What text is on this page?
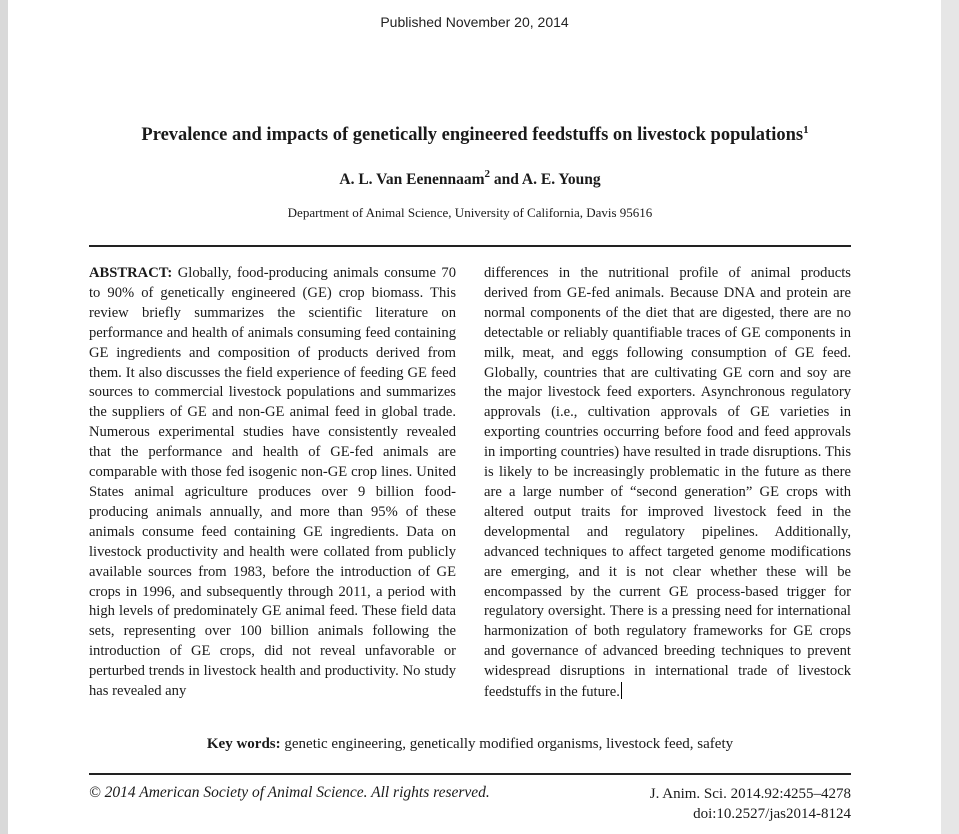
Published November 20, 2014
Prevalence and impacts of genetically engineered feedstuffs on livestock populations$^1$
A. L. Van Eenennaam$^2$ and A. E. Young
Department of Animal Science, University of California, Davis 95616
ABSTRACT: Globally, food-producing animals consume 70 to 90% of genetically engineered (GE) crop biomass. This review briefly summarizes the scientific literature on performance and health of animals consuming feed containing GE ingredients and composition of products derived from them. It also discusses the field experience of feeding GE feed sources to commercial livestock populations and summarizes the suppliers of GE and non-GE animal feed in global trade. Numerous experimental studies have consistently revealed that the performance and health of GE-fed animals are comparable with those fed isogenic non-GE crop lines. United States animal agriculture produces over 9 billion food-producing animals annually, and more than 95% of these animals consume feed containing GE ingredients. Data on livestock productivity and health were collated from publicly available sources from 1983, before the introduction of GE crops in 1996, and subsequently through 2011, a period with high levels of predominately GE animal feed. These field data sets, representing over 100 billion animals following the introduction of GE crops, did not reveal unfavorable or perturbed trends in livestock health and productivity. No study has revealed any
differences in the nutritional profile of animal products derived from GE-fed animals. Because DNA and protein are normal components of the diet that are digested, there are no detectable or reliably quantifiable traces of GE components in milk, meat, and eggs following consumption of GE feed. Globally, countries that are cultivating GE corn and soy are the major livestock feed exporters. Asynchronous regulatory approvals (i.e., cultivation approvals of GE varieties in exporting countries occurring before food and feed approvals in importing countries) have resulted in trade disruptions. This is likely to be increasingly problematic in the future as there are a large number of “second generation” GE crops with altered output traits for improved livestock feed in the developmental and regulatory pipelines. Additionally, advanced techniques to affect targeted genome modifications are emerging, and it is not clear whether these will be encompassed by the current GE process-based trigger for regulatory oversight. There is a pressing need for international harmonization of both regulatory frameworks for GE crops and governance of advanced breeding techniques to prevent widespread disruptions in international trade of livestock feedstuffs in the future.
Key words: genetic engineering, genetically modified organisms, livestock feed, safety
© 2014 American Society of Animal Science. All rights reserved.	J. Anim. Sci. 2014.92:4255–4278
doi:10.2527/jas2014-8124
